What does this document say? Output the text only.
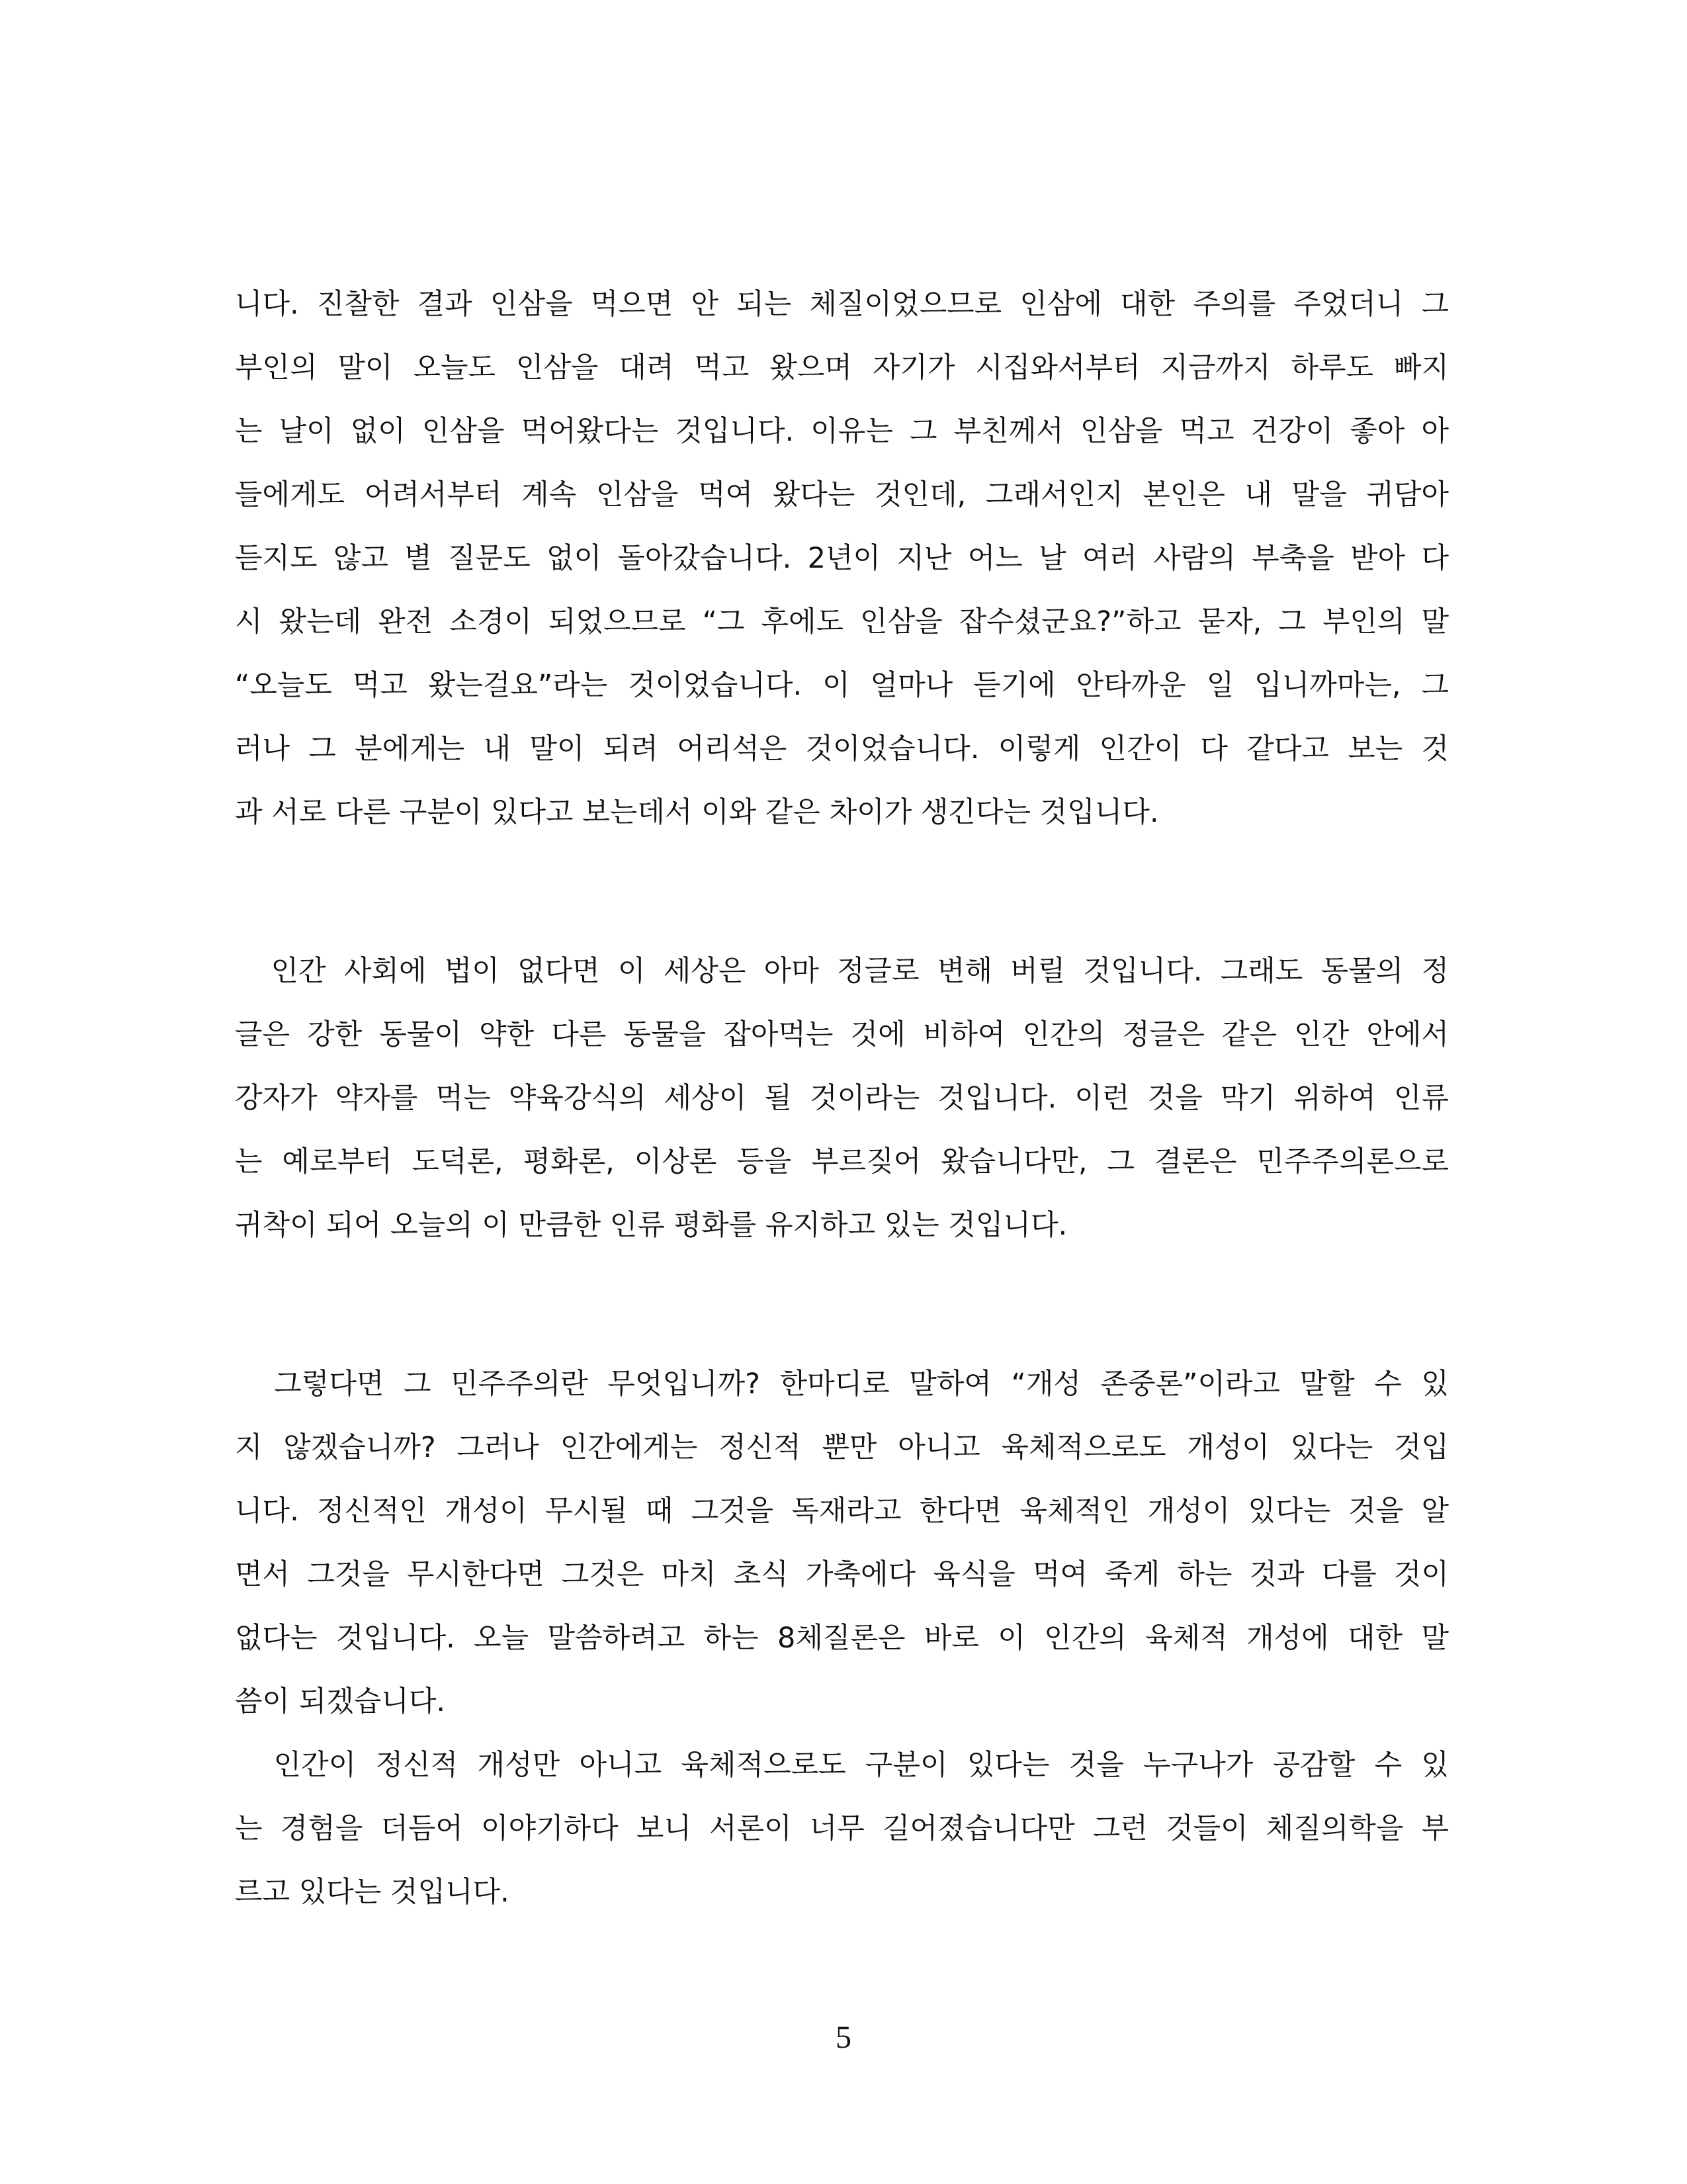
니다. 진찰한 결과 인삼을 먹으면 안 되는 체질이었으므로 인삼에 대한 주의를 주었더니 그
부인의 말이 오늘도 인삼을 대려 먹고 왔으며 자기가 시집와서부터 지금까지 하루도 빠지
는 날이 없이 인삼을 먹어왔다는 것입니다. 이유는 그 부친께서 인삼을 먹고 건강이 좋아 아
들에게도 어려서부터 계속 인삼을 먹여 왔다는 것인데, 그래서인지 본인은 내 말을 귀담아
듣지도 않고 별 질문도 없이 돌아갔습니다. 2년이 지난 어느 날 여러 사람의 부축을 받아 다
시 왔는데 완전 소경이 되었으므로 “그 후에도 인삼을 잡수셨군요?”하고 묻자, 그 부인의 말
“오늘도 먹고 왔는걸요”라는 것이었습니다. 이 얼마나 듣기에 안타까운 일 입니까마는, 그
러나 그 분에게는 내 말이 되려 어리석은 것이었습니다. 이렇게 인간이 다 같다고 보는 것
과 서로 다른 구분이 있다고 보는데서 이와 같은 차이가 생긴다는 것입니다.
인간 사회에 법이 없다면 이 세상은 아마 정글로 변해 버릴 것입니다. 그래도 동물의 정
글은 강한 동물이 약한 다른 동물을 잡아먹는 것에 비하여 인간의 정글은 같은 인간 안에서
강자가 약자를 먹는 약육강식의 세상이 될 것이라는 것입니다. 이런 것을 막기 위하여 인류
는 예로부터 도덕론, 평화론, 이상론 등을 부르짖어 왔습니다만, 그 결론은 민주주의론으로
귀착이 되어 오늘의 이 만큼한 인류 평화를 유지하고 있는 것입니다.
그렇다면 그 민주주의란 무엇입니까? 한마디로 말하여 “개성 존중론”이라고 말할 수 있
지 않겠습니까? 그러나 인간에게는 정신적 뿐만 아니고 육체적으로도 개성이 있다는 것입
니다. 정신적인 개성이 무시될 때 그것을 독재라고 한다면 육체적인 개성이 있다는 것을 알
면서 그것을 무시한다면 그것은 마치 초식 가축에다 육식을 먹여 죽게 하는 것과 다를 것이
없다는 것입니다. 오늘 말씀하려고 하는 8체질론은 바로 이 인간의 육체적 개성에 대한 말
씀이 되겠습니다.
인간이 정신적 개성만 아니고 육체적으로도 구분이 있다는 것을 누구나가 공감할 수 있
는 경험을 더듬어 이야기하다 보니 서론이 너무 길어졌습니다만 그런 것들이 체질의학을 부
르고 있다는 것입니다.
5
